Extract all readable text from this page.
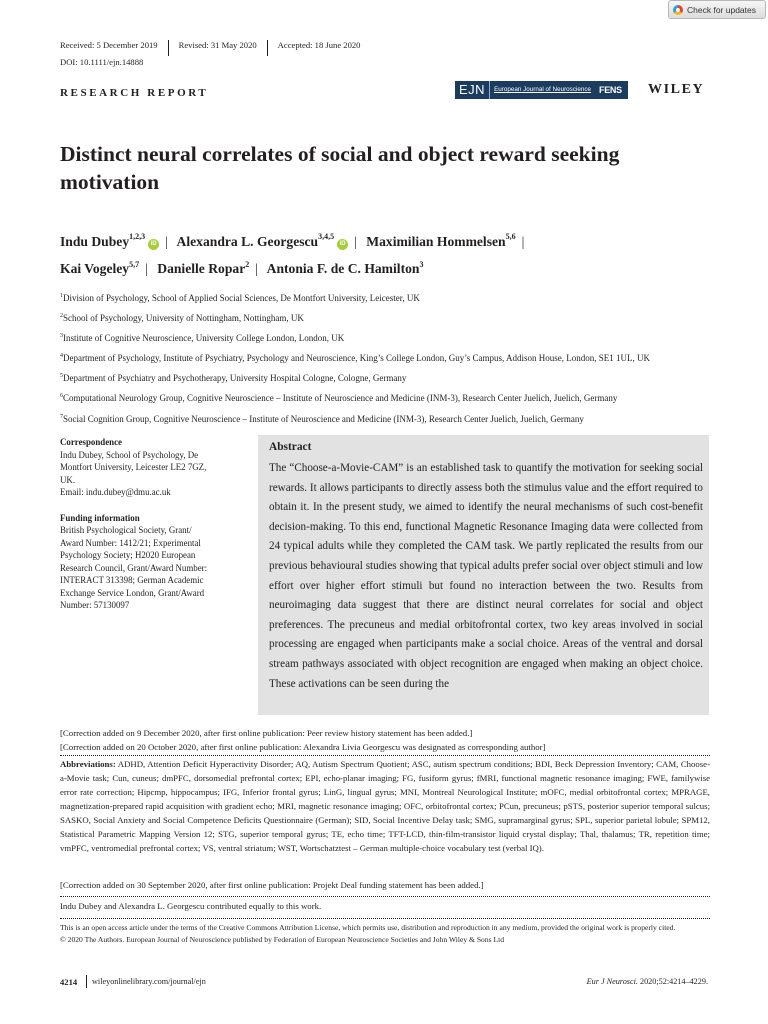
Check for updates
Received: 5 December 2019 Revised: 31 May 2020 Accepted: 18 June 2020
DOI: 10.1111/ejn.14888
RESEARCH REPORT	EJN	European Journal of Neuroscience FENS	WILEY
Distinct neural correlates of social and object reward seeking motivation
Indu Dubey$^{1,2,3}$iD | Alexandra L. Georgescu$^{3,4,5}$iD | Maximilian Hommelsen$^{5,6}$ |
Kai Vogeley$^{5,7}$ | Danielle Ropar$^2$ | Antonia F. de C. Hamilton$^3$
$^1$Division of Psychology, School of Applied Social Sciences, De Montfort University, Leicester, UK
$^2$School of Psychology, University of Nottingham, Nottingham, UK
$^3$Institute of Cognitive Neuroscience, University College London, London, UK
$^4$Department of Psychology, Institute of Psychiatry, Psychology and Neuroscience, King’s College London, Guy’s Campus, Addison House, London, SE1 1UL, UK
$^5$Department of Psychiatry and Psychotherapy, University Hospital Cologne, Cologne, Germany
$^6$Computational Neurology Group, Cognitive Neuroscience – Institute of Neuroscience and Medicine (INM-3), Research Center Juelich, Juelich, Germany
$^7$Social Cognition Group, Cognitive Neuroscience – Institute of Neuroscience and Medicine (INM-3), Research Center Juelich, Juelich, Germany
Correspondence
Indu Dubey, School of Psychology, De
Montfort University, Leicester LE2 7GZ,
UK.
Email: indu.dubey@dmu.ac.uk
Funding information
British Psychological Society, Grant/
Award Number: 1412/21; Experimental
Psychology Society; H2020 European
Research Council, Grant/Award Number:
INTERACT 313398; German Academic
Exchange Service London, Grant/Award
Number: 57130097
Abstract
The “Choose-a-Movie-CAM” is an established task to quantify the motivation for seeking social rewards. It allows participants to directly assess both the stimulus value and the effort required to obtain it. In the present study, we aimed to identify the neural mechanisms of such cost-benefit decision-making. To this end, functional Magnetic Resonance Imaging data were collected from 24 typical adults while they completed the CAM task. We partly replicated the results from our previous behavioural studies showing that typical adults prefer social over object stimuli and low effort over higher effort stimuli but found no interaction between the two. Results from neuroimaging data suggest that there are distinct neural correlates for social and object preferences. The precuneus and medial orbitofrontal cortex, two key areas involved in social processing are engaged when participants make a social choice. Areas of the ventral and dorsal stream pathways associated with object recognition are engaged when making an object choice. These activations can be seen during the
[Correction added on 9 December 2020, after first online publication: Peer review history statement has been added.]
[Correction added on 20 October 2020, after first online publication: Alexandra Livia Georgescu was designated as corresponding author]
Abbreviations: ADHD, Attention Deficit Hyperactivity Disorder; AQ, Autism Spectrum Quotient; ASC, autism spectrum conditions; BDI, Beck Depression Inventory; CAM, Choose-a-Movie task; Cun, cuneus; dmPFC, dorsomedial prefrontal cortex; EPI, echo-planar imaging; FG, fusiform gyrus; fMRI, functional magnetic resonance imaging; FWE, familywise error rate correction; Hipcmp, hippocampus; IFG, Inferior frontal gyrus; LinG, lingual gyrus; MNI, Montreal Neurological Institute; mOFC, medial orbitofrontal cortex; MPRAGE, magnetization-prepared rapid acquisition with gradient echo; MRI, magnetic resonance imaging; OFC, orbitofrontal cortex; PCun, precuneus; pSTS, posterior superior temporal sulcus; SASKO, Social Anxiety and Social Competence Deficits Questionnaire (German); SID, Social Incentive Delay task; SMG, supramarginal gyrus; SPL, superior parietal lobule; SPM12, Statistical Parametric Mapping Version 12; STG, superior temporal gyrus; TE, echo time; TFT-LCD, thin-film-transistor liquid crystal display; Thal, thalamus; TR, repetition time; vmPFC, ventromedial prefrontal cortex; VS, ventral striatum; WST, Wortschatztest – German multiple-choice vocabulary test (verbal IQ).
[Correction added on 30 September 2020, after first online publication: Projekt Deal funding statement has been added.]
Indu Dubey and Alexandra L. Georgescu contributed equally to this work.
This is an open access article under the terms of the Creative Commons Attribution License, which permits use, distribution and reproduction in any medium, provided the original work is properly cited.
© 2020 The Authors. European Journal of Neuroscience published by Federation of European Neuroscience Societies and John Wiley & Sons Ltd
4214 wileyonlinelibrary.com/journal/ejn	Eur J Neurosci. 2020;52:4214–4229.
